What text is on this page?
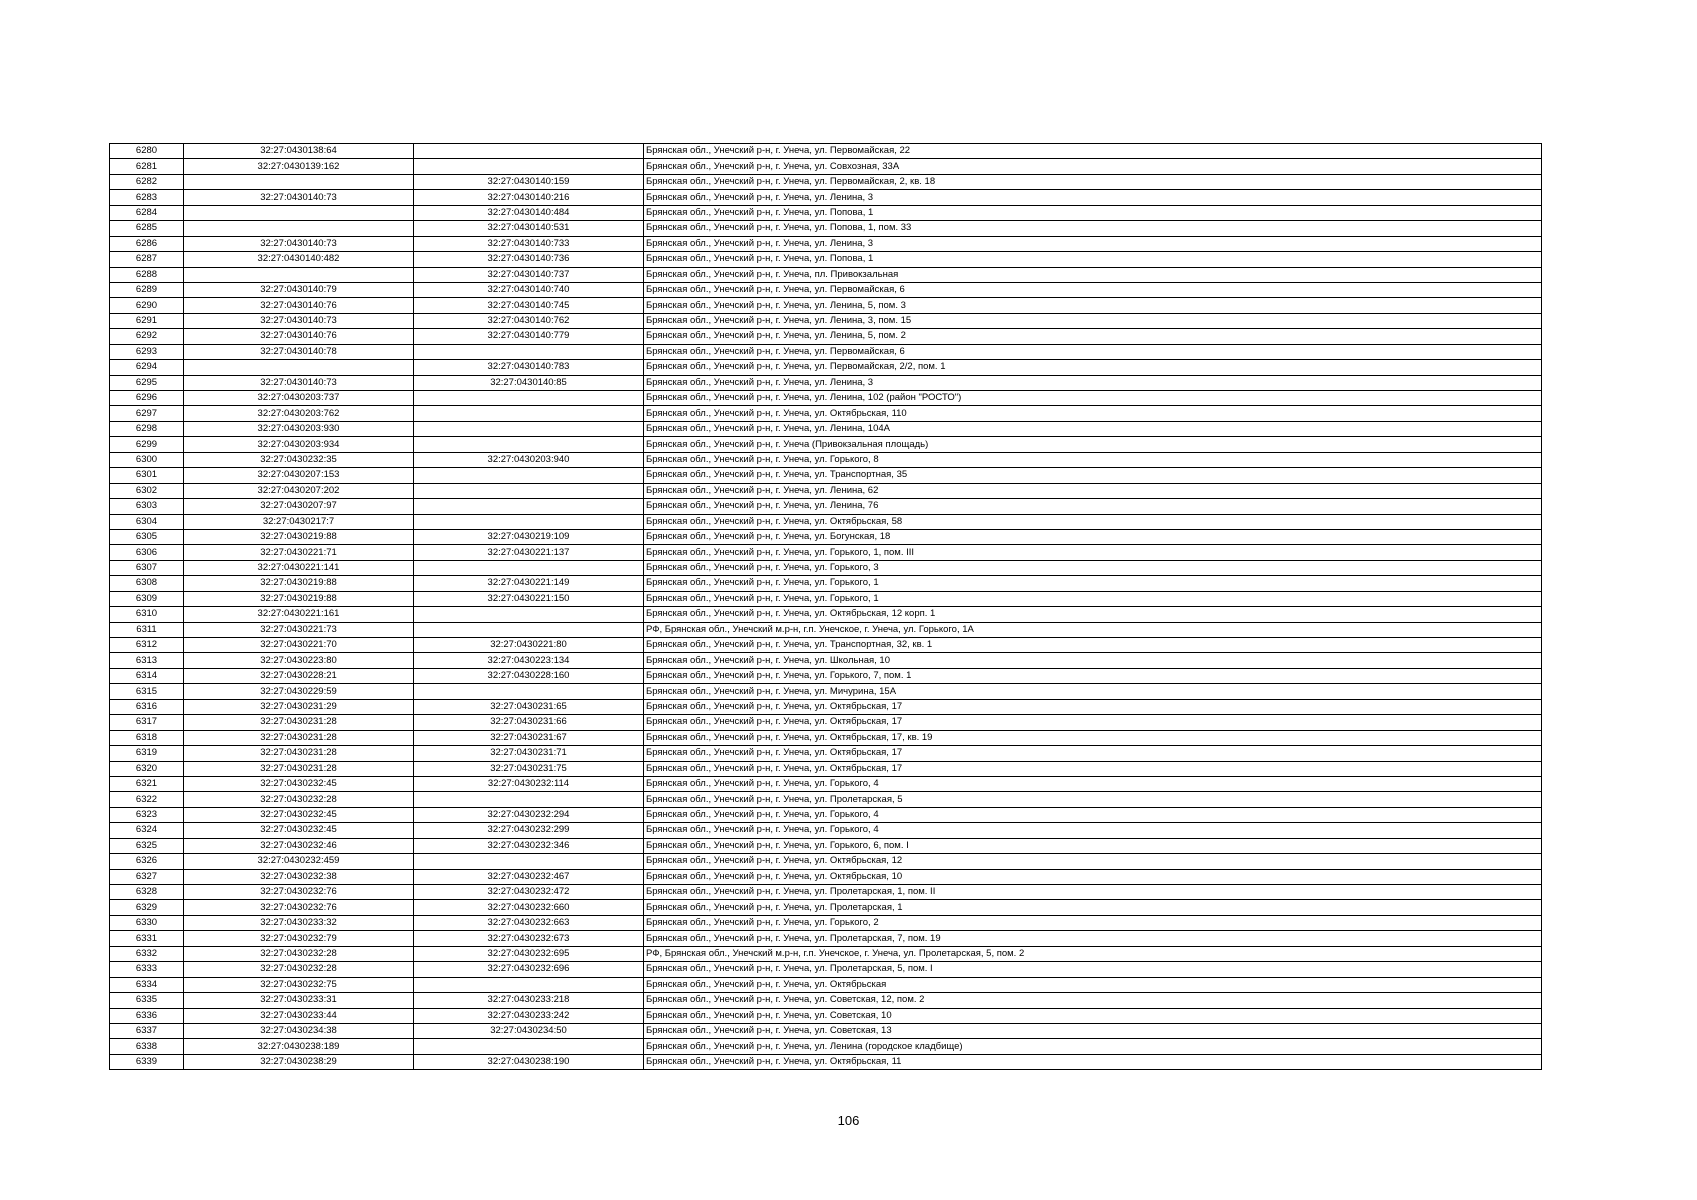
6280	32:27:0430138:64		Брянская обл., Унечский р-н, г. Унеча, ул. Первомайская, 22
6281	32:27:0430139:162		Брянская обл., Унечский р-н, г. Унеча, ул. Совхозная, 33А
6282		32:27:0430140:159	Брянская обл., Унечский р-н, г. Унеча, ул. Первомайская, 2, кв. 18
6283	32:27:0430140:73	32:27:0430140:216	Брянская обл., Унечский р-н, г. Унеча, ул. Ленина, 3
6284		32:27:0430140:484	Брянская обл., Унечский р-н, г. Унеча, ул. Попова, 1
6285		32:27:0430140:531	Брянская обл., Унечский р-н, г. Унеча, ул. Попова, 1, пом. 33
6286	32:27:0430140:73	32:27:0430140:733	Брянская обл., Унечский р-н, г. Унеча, ул. Ленина, 3
6287	32:27:0430140:482	32:27:0430140:736	Брянская обл., Унечский р-н, г. Унеча, ул. Попова, 1
6288		32:27:0430140:737	Брянская обл., Унечский р-н, г. Унеча, пл. Привокзальная
6289	32:27:0430140:79	32:27:0430140:740	Брянская обл., Унечский р-н, г. Унеча, ул. Первомайская, 6
6290	32:27:0430140:76	32:27:0430140:745	Брянская обл., Унечский р-н, г. Унеча, ул. Ленина, 5, пом. 3
6291	32:27:0430140:73	32:27:0430140:762	Брянская обл., Унечский р-н, г. Унеча, ул. Ленина, 3, пом. 15
6292	32:27:0430140:76	32:27:0430140:779	Брянская обл., Унечский р-н, г. Унеча, ул. Ленина, 5, пом. 2
6293	32:27:0430140:78		Брянская обл., Унечский р-н, г. Унеча, ул. Первомайская, 6
6294		32:27:0430140:783	Брянская обл., Унечский р-н, г. Унеча, ул. Первомайская, 2/2, пом. 1
6295	32:27:0430140:73	32:27:0430140:85	Брянская обл., Унечский р-н, г. Унеча, ул. Ленина, 3
6296	32:27:0430203:737		Брянская обл., Унечский р-н, г. Унеча, ул. Ленина, 102 (район "РОСТО")
6297	32:27:0430203:762		Брянская обл., Унечский р-н, г. Унеча, ул. Октябрьская, 110
6298	32:27:0430203:930		Брянская обл., Унечский р-н, г. Унеча, ул. Ленина, 104А
6299	32:27:0430203:934		Брянская обл., Унечский р-н, г. Унеча (Привокзальная площадь)
6300	32:27:0430232:35	32:27:0430203:940	Брянская обл., Унечский р-н, г. Унеча, ул. Горького, 8
6301	32:27:0430207:153		Брянская обл., Унечский р-н, г. Унеча, ул. Транспортная, 35
6302	32:27:0430207:202		Брянская обл., Унечский р-н, г. Унеча, ул. Ленина, 62
6303	32:27:0430207:97		Брянская обл., Унечский р-н, г. Унеча, ул. Ленина, 76
6304	32:27:0430217:7		Брянская обл., Унечский р-н, г. Унеча, ул. Октябрьская, 58
6305	32:27:0430219:88	32:27:0430219:109	Брянская обл., Унечский р-н, г. Унеча, ул. Богунская, 18
6306	32:27:0430221:71	32:27:0430221:137	Брянская обл., Унечский р-н, г. Унеча, ул. Горького, 1, пом. III
6307	32:27:0430221:141		Брянская обл., Унечский р-н, г. Унеча, ул. Горького, 3
6308	32:27:0430219:88	32:27:0430221:149	Брянская обл., Унечский р-н, г. Унеча, ул. Горького, 1
6309	32:27:0430219:88	32:27:0430221:150	Брянская обл., Унечский р-н, г. Унеча, ул. Горького, 1
6310	32:27:0430221:161		Брянская обл., Унечский р-н, г. Унеча, ул. Октябрьская, 12 корп. 1
6311	32:27:0430221:73		РФ, Брянская обл., Унечский м.р-н, г.п. Унечское, г. Унеча, ул. Горького, 1А
6312	32:27:0430221:70	32:27:0430221:80	Брянская обл., Унечский р-н, г. Унеча, ул. Транспортная, 32, кв. 1
6313	32:27:0430223:80	32:27:0430223:134	Брянская обл., Унечский р-н, г. Унеча, ул. Школьная, 10
6314	32:27:0430228:21	32:27:0430228:160	Брянская обл., Унечский р-н, г. Унеча, ул. Горького, 7, пом. 1
6315	32:27:0430229:59		Брянская обл., Унечский р-н, г. Унеча, ул. Мичурина, 15А
6316	32:27:0430231:29	32:27:0430231:65	Брянская обл., Унечский р-н, г. Унеча, ул. Октябрьская, 17
6317	32:27:0430231:28	32:27:0430231:66	Брянская обл., Унечский р-н, г. Унеча, ул. Октябрьская, 17
6318	32:27:0430231:28	32:27:0430231:67	Брянская обл., Унечский р-н, г. Унеча, ул. Октябрьская, 17, кв. 19
6319	32:27:0430231:28	32:27:0430231:71	Брянская обл., Унечский р-н, г. Унеча, ул. Октябрьская, 17
6320	32:27:0430231:28	32:27:0430231:75	Брянская обл., Унечский р-н, г. Унеча, ул. Октябрьская, 17
6321	32:27:0430232:45	32:27:0430232:114	Брянская обл., Унечский р-н, г. Унеча, ул. Горького, 4
6322	32:27:0430232:28		Брянская обл., Унечский р-н, г. Унеча, ул. Пролетарская, 5
6323	32:27:0430232:45	32:27:0430232:294	Брянская обл., Унечский р-н, г. Унеча, ул. Горького, 4
6324	32:27:0430232:45	32:27:0430232:299	Брянская обл., Унечский р-н, г. Унеча, ул. Горького, 4
6325	32:27:0430232:46	32:27:0430232:346	Брянская обл., Унечский р-н, г. Унеча, ул. Горького, 6, пом. I
6326	32:27:0430232:459		Брянская обл., Унечский р-н, г. Унеча, ул. Октябрьская, 12
6327	32:27:0430232:38	32:27:0430232:467	Брянская обл., Унечский р-н, г. Унеча, ул. Октябрьская, 10
6328	32:27:0430232:76	32:27:0430232:472	Брянская обл., Унечский р-н, г. Унеча, ул. Пролетарская, 1, пом. II
6329	32:27:0430232:76	32:27:0430232:660	Брянская обл., Унечский р-н, г. Унеча, ул. Пролетарская, 1
6330	32:27:0430233:32	32:27:0430232:663	Брянская обл., Унечский р-н, г. Унеча, ул. Горького, 2
6331	32:27:0430232:79	32:27:0430232:673	Брянская обл., Унечский р-н, г. Унеча, ул. Пролетарская, 7, пом. 19
6332	32:27:0430232:28	32:27:0430232:695	РФ, Брянская обл., Унечский м.р-н, г.п. Унечское, г. Унеча, ул. Пролетарская, 5, пом. 2
6333	32:27:0430232:28	32:27:0430232:696	Брянская обл., Унечский р-н, г. Унеча, ул. Пролетарская, 5, пом. I
6334	32:27:0430232:75		Брянская обл., Унечский р-н, г. Унеча, ул. Октябрьская
6335	32:27:0430233:31	32:27:0430233:218	Брянская обл., Унечский р-н, г. Унеча, ул. Советская, 12, пом. 2
6336	32:27:0430233:44	32:27:0430233:242	Брянская обл., Унечский р-н, г. Унеча, ул. Советская, 10
6337	32:27:0430234:38	32:27:0430234:50	Брянская обл., Унечский р-н, г. Унеча, ул. Советская, 13
6338	32:27:0430238:189		Брянская обл., Унечский р-н, г. Унеча, ул. Ленина (городское кладбище)
6339	32:27:0430238:29	32:27:0430238:190	Брянская обл., Унечский р-н, г. Унеча, ул. Октябрьская, 11
106
